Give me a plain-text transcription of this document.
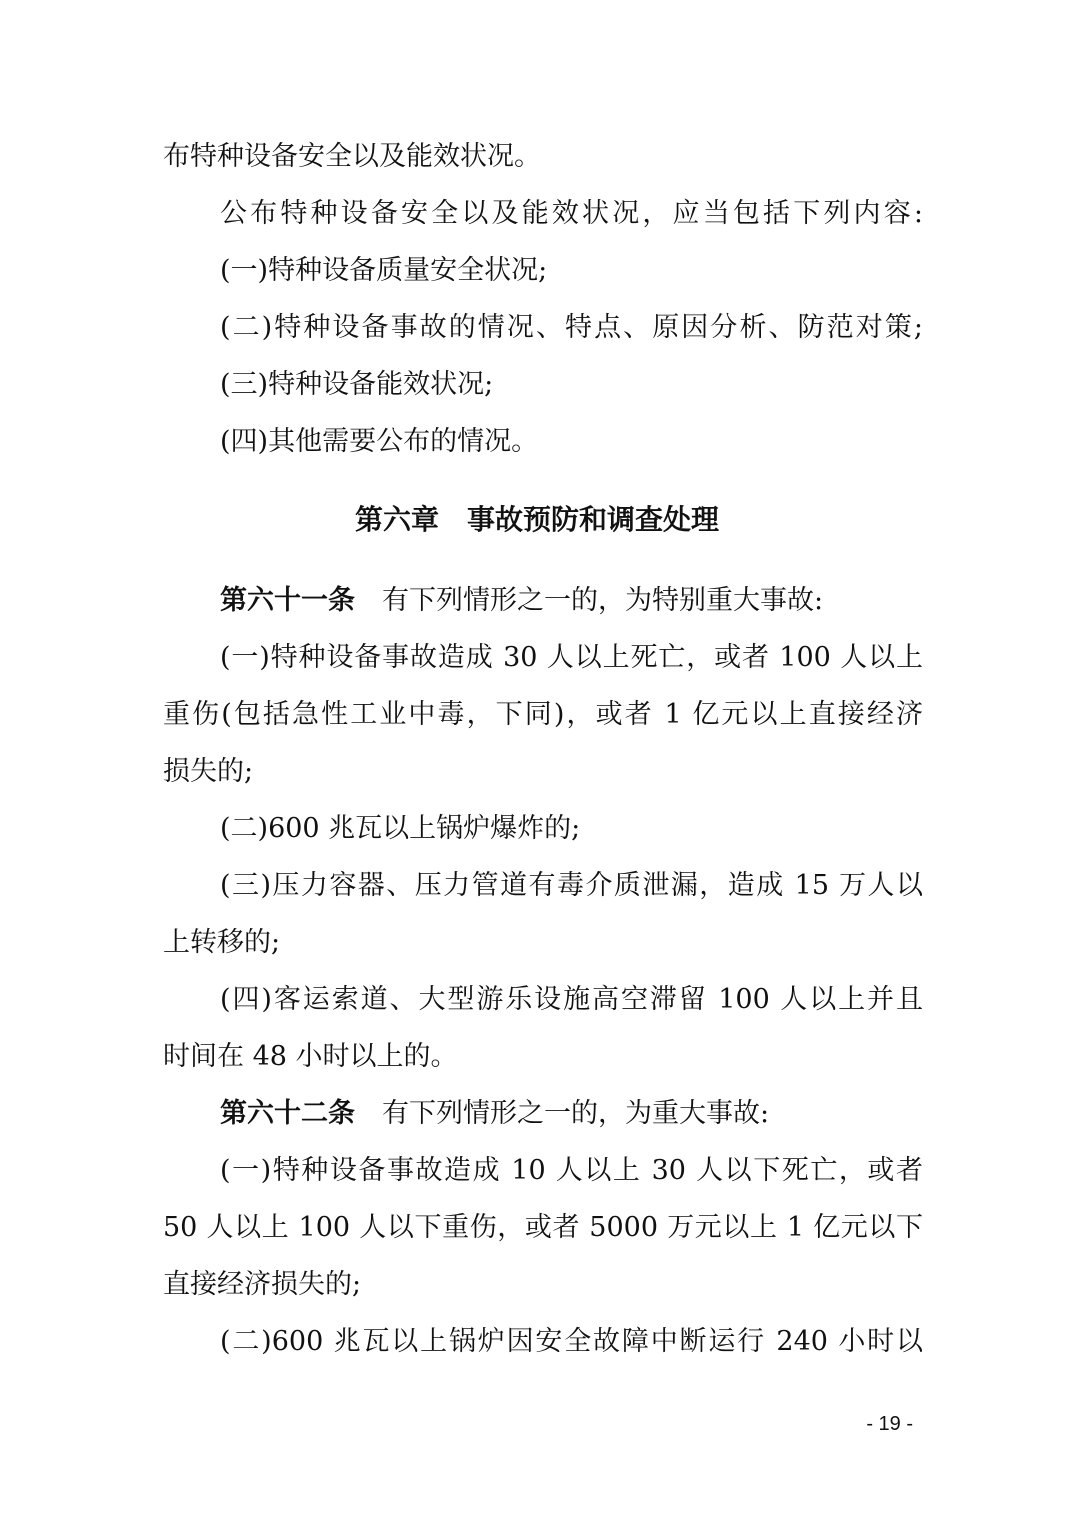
布特种设备安全以及能效状况。
公布特种设备安全以及能效状况，应当包括下列内容:
(一)特种设备质量安全状况;
(二)特种设备事故的情况、特点、原因分析、防范对策;
(三)特种设备能效状况;
(四)其他需要公布的情况。
第六章　事故预防和调查处理
第六十一条　有下列情形之一的，为特别重大事故:
(一)特种设备事故造成 30 人以上死亡，或者 100 人以上
重伤(包括急性工业中毒，下同)，或者 1 亿元以上直接经济
损失的;
(二)600 兆瓦以上锅炉爆炸的;
(三)压力容器、压力管道有毒介质泄漏，造成 15 万人以
上转移的;
(四)客运索道、大型游乐设施高空滞留 100 人以上并且
时间在 48 小时以上的。
第六十二条　有下列情形之一的，为重大事故:
(一)特种设备事故造成 10 人以上 30 人以下死亡，或者
50 人以上 100 人以下重伤，或者 5000 万元以上 1 亿元以下
直接经济损失的;
(二)600 兆瓦以上锅炉因安全故障中断运行 240 小时以
- 19 -
